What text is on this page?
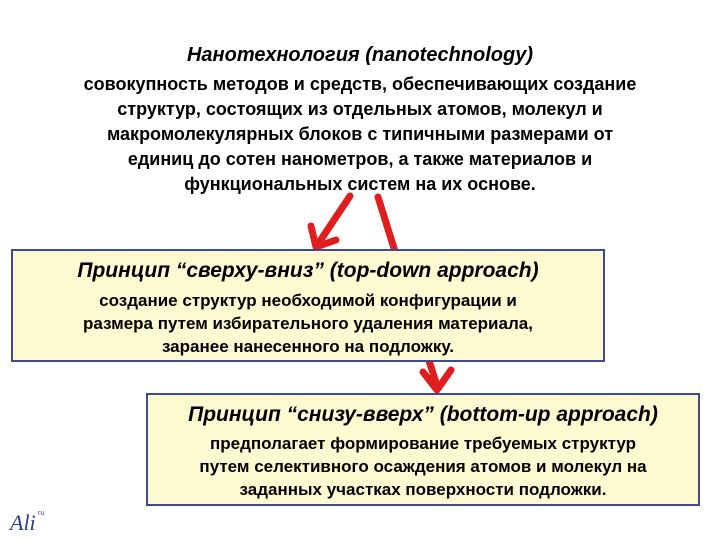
Нанотехнология (nanotechnology)
совокупность методов и средств, обеспечивающих создание
структур, состоящих из отдельных атомов, молекул и
макромолекулярных блоков с типичными размерами от
единиц до сотен нанометров, а также материалов и
функциональных систем на их основе.
Принцип “сверху‑вниз” (top‑down approach)
создание структур необходимой конфигурации и
размера путем избирательного удаления материала,
заранее нанесенного на подложку.
Принцип “снизу-вверх” (bottom‑up approach)
предполагает формирование требуемых структур
путем селективного осаждения атомов и молекул на
заданных участках поверхности подложки.
Ali ru
